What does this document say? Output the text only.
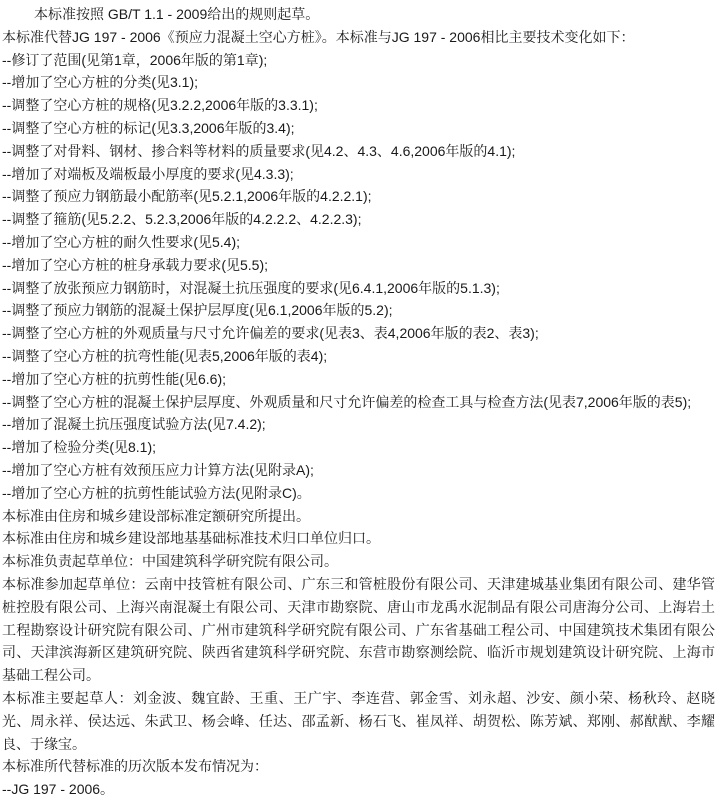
本标准按照 GB/T 1.1 - 2009给出的规则起草。

本标准代替JG 197 - 2006《预应力混凝土空心方桩》。本标准与JG 197 - 2006相比主要技术变化如下：

--修订了范围(见第1章，2006年版的第1章);

--增加了空心方桩的分类(见3.1);

--调整了空心方桩的规格(见3.2.2,2006年版的3.3.1);

--调整了空心方桩的标记(见3.3,2006年版的3.4);

--调整了对骨料、钢材、掺合料等材料的质量要求(见4.2、4.3、4.6,2006年版的4.1);

--增加了对端板及端板最小厚度的要求(见4.3.3);

--调整了预应力钢筋最小配筋率(见5.2.1,2006年版的4.2.2.1);

--调整了箍筋(见5.2.2、5.2.3,2006年版的4.2.2.2、4.2.2.3);

--增加了空心方桩的耐久性要求(见5.4);

--增加了空心方桩的桩身承载力要求(见5.5);

--调整了放张预应力钢筋时，对混凝土抗压强度的要求(见6.4.1,2006年版的5.1.3);

--调整了预应力钢筋的混凝土保护层厚度(见6.1,2006年版的5.2);

--调整了空心方桩的外观质量与尺寸允许偏差的要求(见表3、表4,2006年版的表2、表3);

--调整了空心方桩的抗弯性能(见表5,2006年版的表4);

--增加了空心方桩的抗剪性能(见6.6);

--调整了空心方桩的混凝土保护层厚度、外观质量和尺寸允许偏差的检查工具与检查方法(见表7,2006年版的表5);

--增加了混凝土抗压强度试验方法(见7.4.2);

--增加了检验分类(见8.1);

--增加了空心方桩有效预压应力计算方法(见附录A);

--增加了空心方桩的抗剪性能试验方法(见附录C)。

本标准由住房和城乡建设部标准定额研究所提出。

本标准由住房和城乡建设部地基基础标准技术归口单位归口。

本标准负责起草单位：中国建筑科学研究院有限公司。

本标准参加起草单位：云南中技管桩有限公司、广东三和管桩股份有限公司、天津建城基业集团有限公司、建华管桩控股有限公司、上海兴南混凝土有限公司、天津市勘察院、唐山市龙禹水泥制品有限公司唐海分公司、上海岩土工程勘察设计研究院有限公司、广州市建筑科学研究院有限公司、广东省基础工程公司、中国建筑技术集团有限公司、天津滨海新区建筑研究院、陕西省建筑科学研究院、东营市勘察测绘院、临沂市规划建筑设计研究院、上海市基础工程公司。

本标准主要起草人：刘金波、魏宜龄、王重、王广宇、李连营、郭金雪、刘永超、沙安、颜小荣、杨秋玲、赵晓光、周永祥、侯达远、朱武卫、杨会峰、任达、邵孟新、杨石飞、崔凤祥、胡贺松、陈芳斌、郑刚、郝猷猷、李耀良、于缘宝。

本标准所代替标准的历次版本发布情况为：

--JG 197 - 2006。
